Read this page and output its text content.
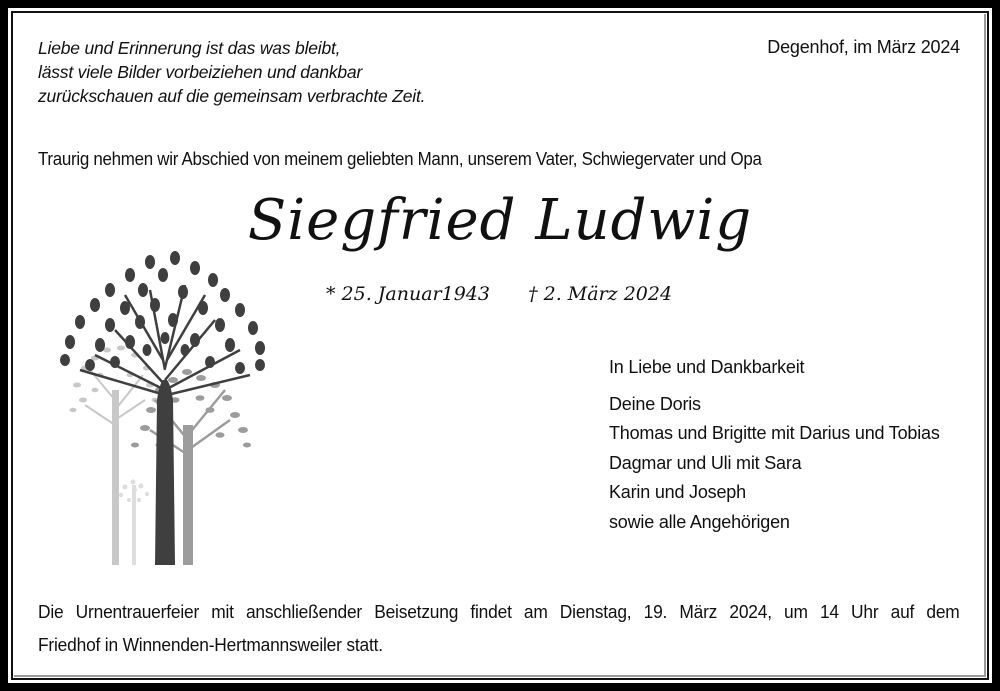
Liebe und Erinnerung ist das was bleibt,
lässt viele Bilder vorbeiziehen und dankbar
zurückschauen auf die gemeinsam verbrachte Zeit.
Degenhof, im März 2024
Traurig nehmen wir Abschied von meinem geliebten Mann, unserem Vater, Schwiegervater und Opa
Siegfried Ludwig
* 25. Januar1943 † 2. März 2024
In Liebe und Dankbarkeit
Deine Doris
Thomas und Brigitte mit Darius und Tobias
Dagmar und Uli mit Sara
Karin und Joseph
sowie alle Angehörigen
Die Urnentrauerfeier mit anschließender Beisetzung findet am Dienstag, 19. März 2024, um 14 Uhr auf dem
Friedhof in Winnenden-Hertmannsweiler statt.
